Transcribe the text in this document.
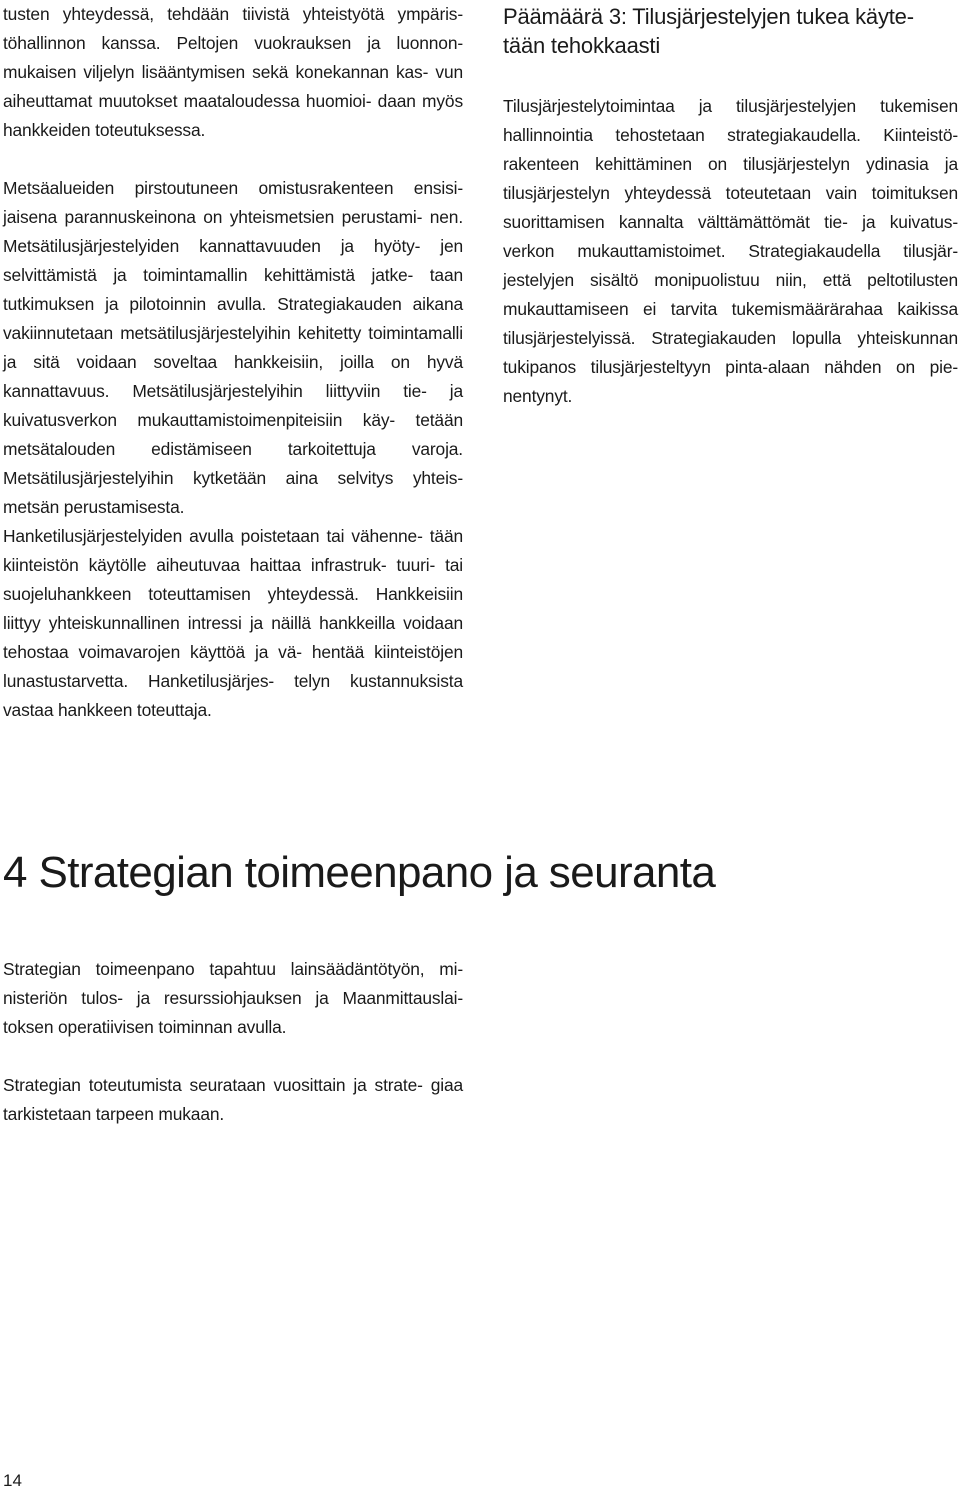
tusten yhteydessä, tehdään tiivistä yhteistyötä ympäris- töhallinnon kanssa. Peltojen vuokrauksen ja luonnon- mukaisen viljelyn lisääntymisen sekä konekannan kas- vun aiheuttamat muutokset maataloudessa huomioi- daan myös hankkeiden toteutuksessa.

Metsäalueiden pirstoutuneen omistusrakenteen ensisi- jaisena parannuskeinona on yhteismetsien perustami- nen. Metsätilusjärjestelyiden kannattavuuden ja hyöty- jen selvittämistä ja toimintamallin kehittämistä jatke- taan tutkimuksen ja pilotoinnin avulla. Strategiakauden aikana vakiinnutetaan metsätilusjärjestelyihin kehitetty toimintamalli ja sitä voidaan soveltaa hankkeisiin, joilla on hyvä kannattavuus. Metsätilusjärjestelyihin liittyviin tie- ja kuivatusverkon mukauttamistoimenpiteisiin käy- tetään metsätalouden edistämiseen tarkoitettuja varoja. Metsätilusjärjestelyihin kytketään aina selvitys yhteis- metsän perustamisesta.

Hanketilusjärjestelyiden avulla poistetaan tai vähenne- tään kiinteistön käytölle aiheutuvaa haittaa infrastruk- tuuri- tai suojeluhankkeen toteuttamisen yhteydessä. Hankkeisiin liittyy yhteiskunnallinen intressi ja näillä hankkeilla voidaan tehostaa voimavarojen käyttöä ja vä- hentää kiinteistöjen lunastustarvetta. Hanketilusjärjes- telyn kustannuksista vastaa hankkeen toteuttaja.

Päämäärä 3: Tilusjärjestelyjen tukea käyte- tään tehokkaasti

Tilusjärjestelytoimintaa ja tilusjärjestelyjen tukemisen hallinnointia tehostetaan strategiakaudella. Kiinteistö- rakenteen kehittäminen on tilusjärjestelyn ydinasia ja tilusjärjestelyn yhteydessä toteutetaan vain toimituksen suorittamisen kannalta välttämättömät tie- ja kuivatus- verkon mukauttamistoimet. Strategiakaudella tilusjär- jestelyjen sisältö monipuolistuu niin, että peltotilusten mukauttamiseen ei tarvita tukemismäärärahaa kaikissa tilusjärjestelyissä. Strategiakauden lopulla yhteiskunnan tukipanos tilusjärjesteltyyn pinta-alaan nähden on pie- nentynyt.

4 Strategian toimeenpano ja seuranta

Strategian toimeenpano tapahtuu lainsäädäntötyön, mi- nisteriön tulos- ja resurssiohjauksen ja Maanmittauslai- toksen operatiivisen toiminnan avulla.

Strategian toteutumista seurataan vuosittain ja strate- giaa tarkistetaan tarpeen mukaan.

14
